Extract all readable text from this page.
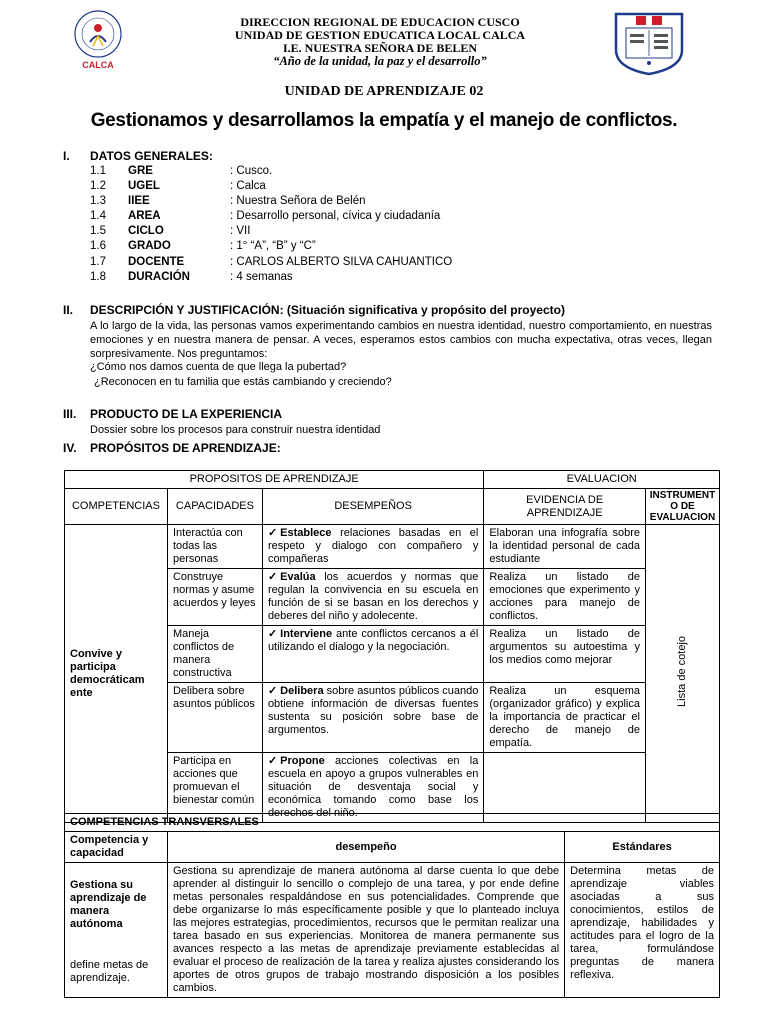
CALCA
DIRECCION REGIONAL DE EDUCACION CUSCO
UNIDAD DE GESTION EDUCATICA LOCAL CALCA
I.E. NUESTRA SEÑORA DE BELEN
“Año de la unidad, la paz y el desarrollo”
UNIDAD DE APRENDIZAJE 02
Gestionamos y desarrollamos la empatía y el manejo de conflictos.
I. DATOS GENERALES:
1.1 GRE	: Cusco.
1.2 UGEL	: Calca
1.3 IIEE	: Nuestra Señora de Belén
1.4 AREA	: Desarrollo personal, cívica y ciudadanía
1.5 CICLO	: VII
1.6 GRADO	: 1° “A”, “B” y “C”
1.7 DOCENTE	: CARLOS ALBERTO SILVA CAHUANTICO
1.8 DURACIÓN	: 4 semanas
II. DESCRIPCIÓN Y JUSTIFICACIÓN: (Situación significativa y propósito del proyecto)
A lo largo de la vida, las personas vamos experimentando cambios en nuestra identidad, nuestro comportamiento, en nuestras emociones y en nuestra manera de pensar. A veces, esperamos estos cambios con mucha expectativa, otras veces, llegan sorpresivamente. Nos preguntamos:
¿Cómo nos damos cuenta de que llega la pubertad?
¿Reconocen en tu familia que estás cambiando y creciendo?
III. PRODUCTO DE LA EXPERIENCIA
Dossier sobre los procesos para construir nuestra identidad
IV. PROPÓSITOS DE APRENDIZAJE:
PROPOSITOS DE APRENDIZAJE			EVALUACION	
COMPETENCIAS	CAPACIDADES	DESEMPEÑOS	EVIDENCIA DE APRENDIZAJE	INSTRUMENT O DE EVALUACION
Convive y participa democráticam ente	Interactúa con todas las personas	✓ Establece relaciones basadas en el respeto y dialogo con compañero y compañeras	Elaboran una infografía sobre la identidad personal de cada estudiante	Lista de cotejo
	Construye normas y asume acuerdos y leyes	✓ Evalúa los acuerdos y normas que regulan la convivencia en su escuela en función de si se basan en los derechos y deberes del niño y adolecente.	Realiza un listado de emociones que experimento y acciones para manejo de conflictos.	
	Maneja conflictos de manera constructiva	✓ Interviene ante conflictos cercanos a él utilizando el dialogo y la negociación.	Realiza un listado de argumentos su autoestima y los medios como mejorar	
	Delibera sobre asuntos públicos	✓ Delibera sobre asuntos públicos cuando obtiene información de diversas fuentes sustenta su posición sobre base de argumentos.	Realiza un esquema (organizador gráfico) y explica la importancia de practicar el derecho de manejo de empatía.	
	Participa en acciones que promuevan el bienestar común	✓ Propone acciones colectivas en la escuela en apoyo a grupos vulnerables en situación de desventaja social y económica tomando como base los derechos del niño.		
COMPETENCIAS TRANSVERSALES		
Competencia y capacidad	desempeño	Estándares

Gestiona su aprendizaje de manera autónoma
define metas de aprendizaje.	Gestiona su aprendizaje de manera autónoma al darse cuenta lo que debe aprender al distinguir lo sencillo o complejo de una tarea, y por ende define metas personales respaldándose en sus potencialidades. Comprende que debe organizarse lo más específicamente posible y que lo planteado incluya las mejores estrategias, procedimientos, recursos que le permitan realizar una tarea basado en sus experiencias. Monitorea de manera permanente sus avances respecto a las metas de aprendizaje previamente establecidas al evaluar el proceso de realización de la tarea y realiza ajustes considerando los aportes de otros grupos de trabajo mostrando disposición a los posibles cambios.	Determina metas de aprendizaje viables asociadas a sus conocimientos, estilos de aprendizaje, habilidades y actitudes para el logro de la tarea, formulándose preguntas de manera reflexiva.
